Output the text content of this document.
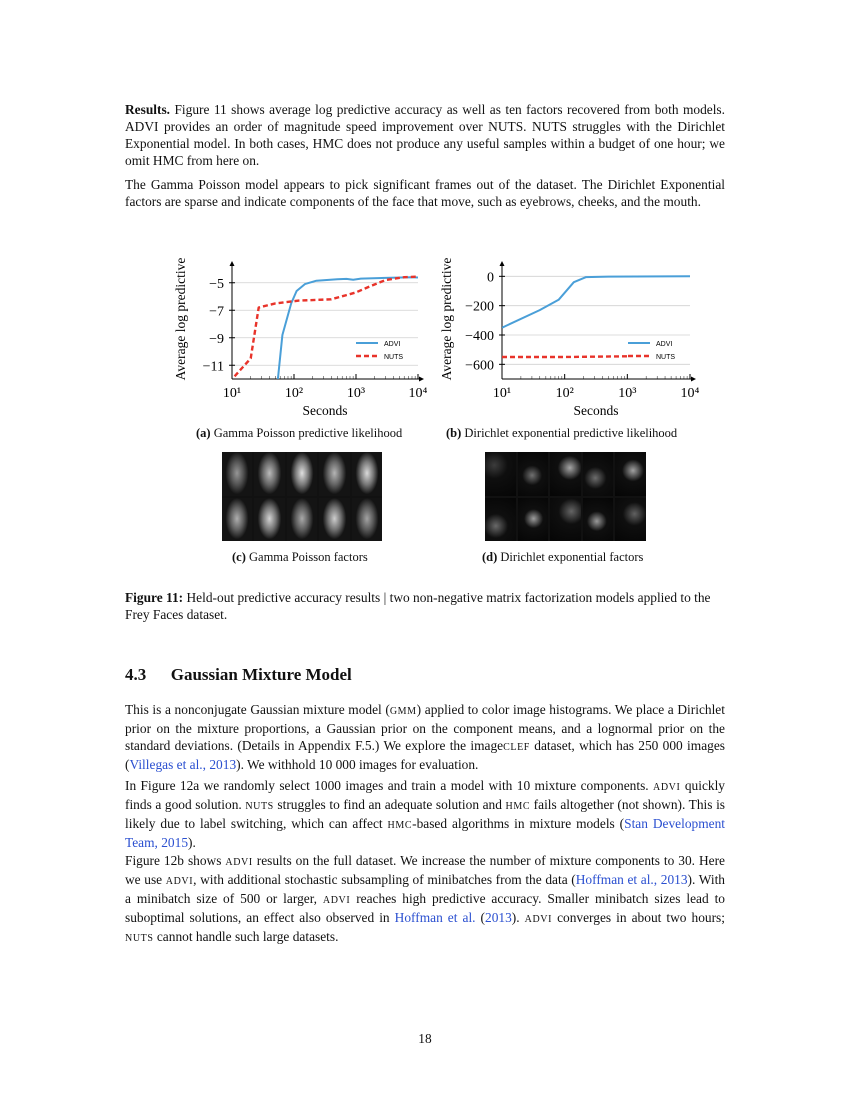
Results. Figure 11 shows average log predictive accuracy as well as ten factors recovered from both models. ADVI provides an order of magnitude speed improvement over NUTS. NUTS struggles with the Dirichlet Exponential model. In both cases, HMC does not produce any useful samples within a budget of one hour; we omit HMC from here on.

The Gamma Poisson model appears to pick significant frames out of the dataset. The Dirichlet Exponential factors are sparse and indicate components of the face that move, such as eyebrows, cheeks, and the mouth.

−5
−7
−9
−11
10¹	10²	10³	10⁴
Seconds
Average log predictive	ADVI
NUTS
(a) Gamma Poisson predictive likelihood
0
−200
−400
−600
10¹	10²	10³	10⁴
Seconds
Average log predictive	ADVI
NUTS
(b) Dirichlet exponential predictive likelihood
(c) Gamma Poisson factors	(d) Dirichlet exponential factors

Figure 11: Held-out predictive accuracy results | two non-negative matrix factorization models applied to the Frey Faces dataset.

4.3 Gaussian Mixture Model

This is a nonconjugate Gaussian mixture model (GMM) applied to color image histograms. We place a Dirichlet prior on the mixture proportions, a Gaussian prior on the component means, and a lognormal prior on the standard deviations. (Details in Appendix F.5.) We explore the imageCLEF dataset, which has 250 000 images (Villegas et al., 2013). We withhold 10 000 images for evaluation.

In Figure 12a we randomly select 1000 images and train a model with 10 mixture components. ADVI quickly finds a good solution. NUTS struggles to find an adequate solution and HMC fails altogether (not shown). This is likely due to label switching, which can affect HMC-based algorithms in mixture models (Stan Development Team, 2015).

Figure 12b shows ADVI results on the full dataset. We increase the number of mixture components to 30. Here we use ADVI, with additional stochastic subsampling of minibatches from the data (Hoffman et al., 2013). With a minibatch size of 500 or larger, ADVI reaches high predictive accuracy. Smaller minibatch sizes lead to suboptimal solutions, an effect also observed in Hoffman et al. (2013). ADVI converges in about two hours; NUTS cannot handle such large datasets.

18
